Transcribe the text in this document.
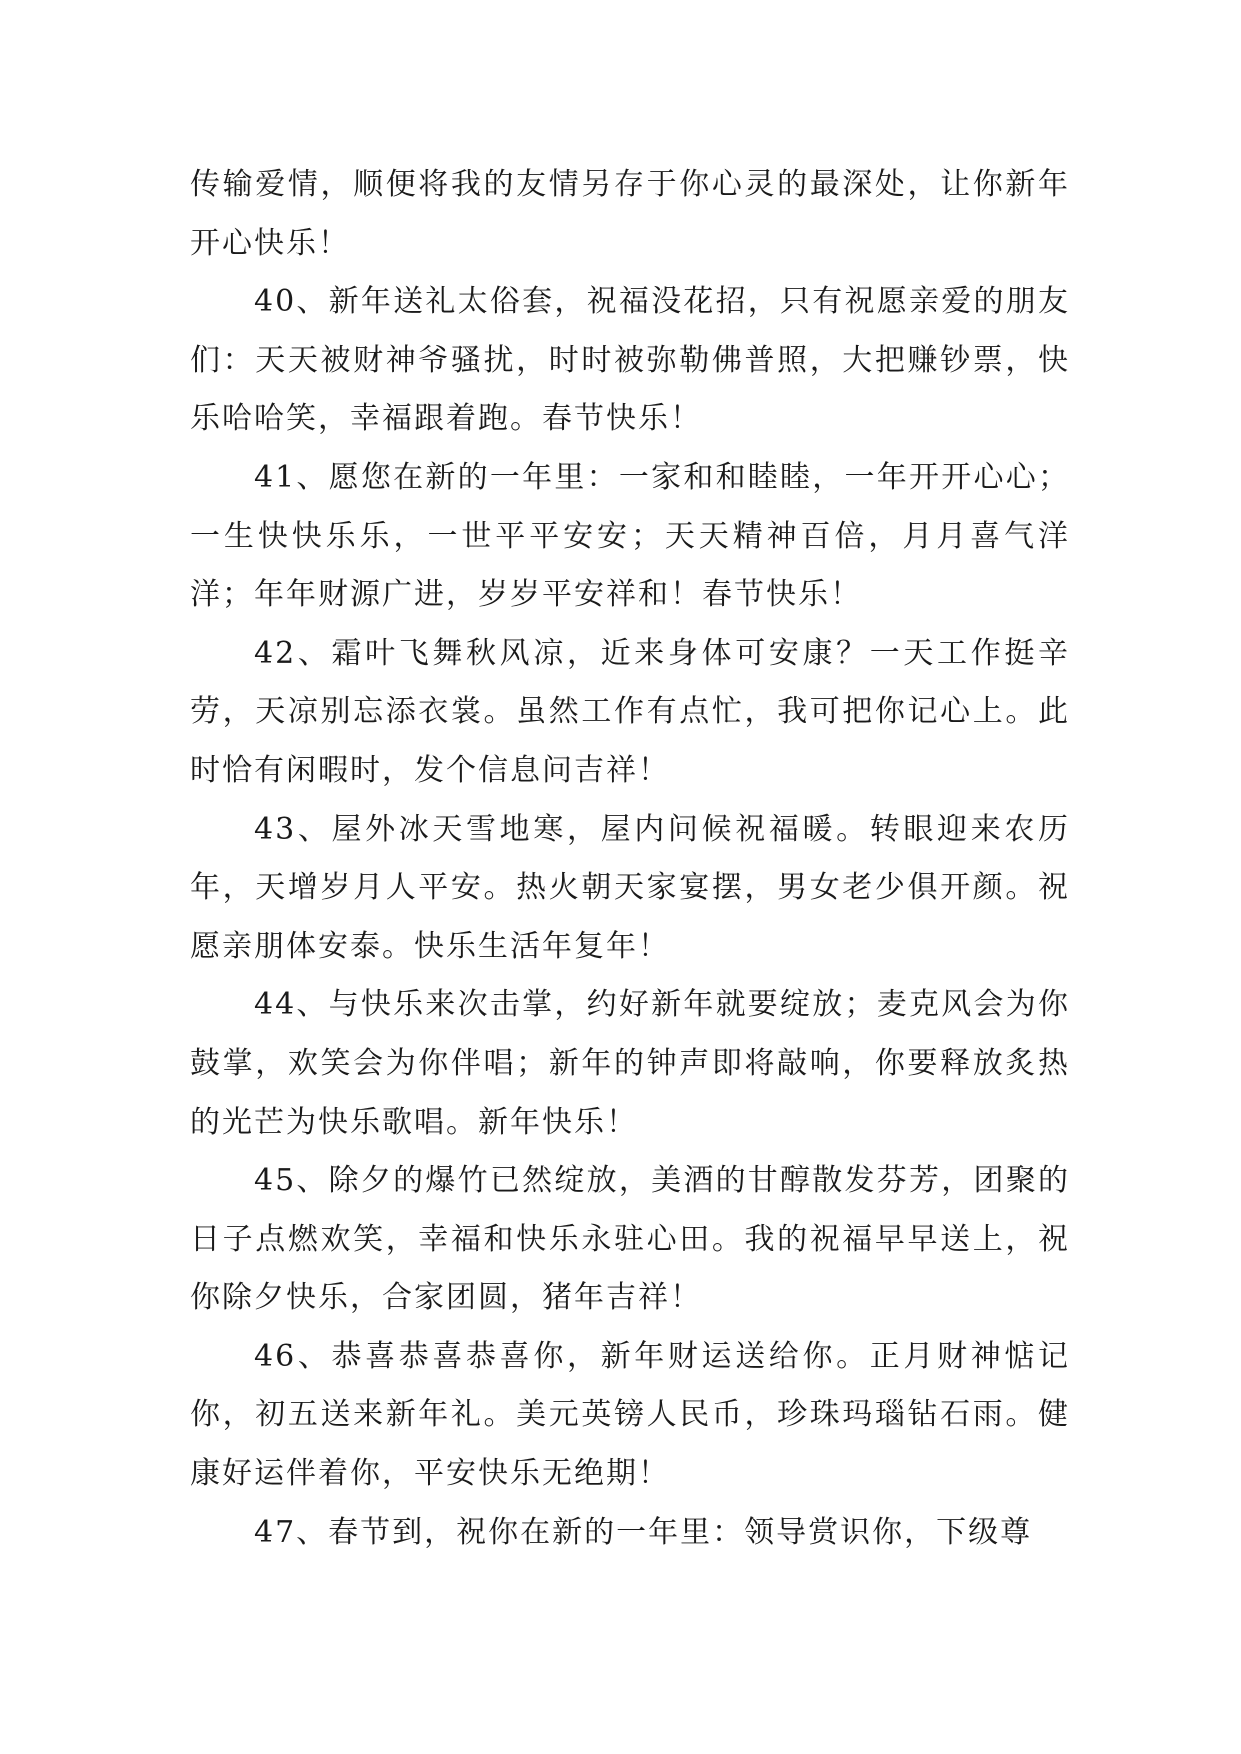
传输爱情，顺便将我的友情另存于你心灵的最深处，让你新年开心快乐！

40、新年送礼太俗套，祝福没花招，只有祝愿亲爱的朋友们：天天被财神爷骚扰，时时被弥勒佛普照，大把赚钞票，快乐哈哈笑，幸福跟着跑。春节快乐！

41、愿您在新的一年里：一家和和睦睦，一年开开心心；一生快快乐乐，一世平平安安；天天精神百倍，月月喜气洋洋；年年财源广进，岁岁平安祥和！春节快乐！

42、霜叶飞舞秋风凉，近来身体可安康？一天工作挺辛劳，天凉别忘添衣裳。虽然工作有点忙，我可把你记心上。此时恰有闲暇时，发个信息问吉祥！

43、屋外冰天雪地寒，屋内问候祝福暖。转眼迎来农历年，天增岁月人平安。热火朝天家宴摆，男女老少俱开颜。祝愿亲朋体安泰。快乐生活年复年！

44、与快乐来次击掌，约好新年就要绽放；麦克风会为你鼓掌，欢笑会为你伴唱；新年的钟声即将敲响，你要释放炙热的光芒为快乐歌唱。新年快乐！

45、除夕的爆竹已然绽放，美酒的甘醇散发芬芳，团聚的日子点燃欢笑，幸福和快乐永驻心田。我的祝福早早送上，祝你除夕快乐，合家团圆，猪年吉祥！

46、恭喜恭喜恭喜你，新年财运送给你。正月财神惦记你，初五送来新年礼。美元英镑人民币，珍珠玛瑙钻石雨。健康好运伴着你，平安快乐无绝期！

47、春节到，祝你在新的一年里：领导赏识你，下级尊
